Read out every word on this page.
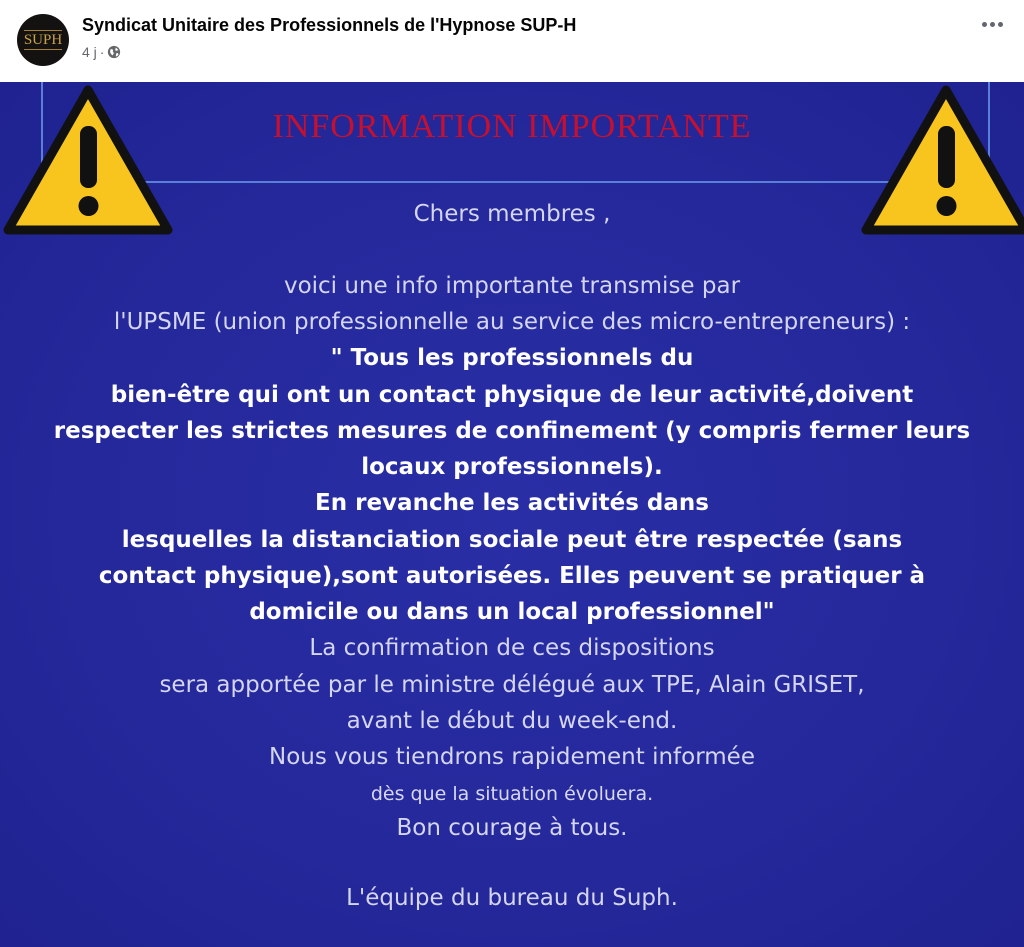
SUPH
Syndicat Unitaire des Professionnels de l'Hypnose SUP-H
4 j ·
INFORMATION IMPORTANTE
Chers membres ,
voici une info importante transmise par
l'UPSME (union professionnelle au service des micro-entrepreneurs) :
" Tous les professionnels du
bien-être qui ont un contact physique de leur activité,doivent
respecter les strictes mesures de confinement (y compris fermer leurs
locaux professionnels).
En revanche les activités dans
lesquelles la distanciation sociale peut être respectée (sans
contact physique),sont autorisées. Elles peuvent se pratiquer à
domicile ou dans un local professionnel"
La confirmation de ces dispositions
sera apportée par le ministre délégué aux TPE, Alain GRISET,
avant le début du week-end.
Nous vous tiendrons rapidement informée
dès que la situation évoluera.
Bon courage à tous.
L'équipe du bureau du Suph.
